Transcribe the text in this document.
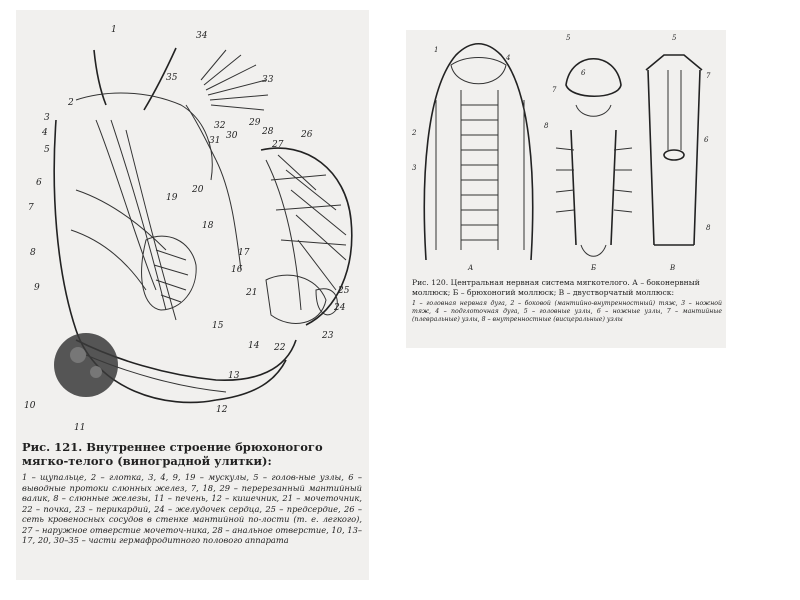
1
2
3
4
5
6
7
8
9
10
11
12
13
14
15
16
17
18
19
20
21
22
23
24
25
26
27
28
29
30
31
32
33
34
35
Рис. 121. Внутреннее строение брюхоногого мягко-телого (виноградной улитки):
1 – щупальце, 2 – глотка, 3, 4, 9, 19 – мускулы, 5 – голов-ные узлы, 6 – выводные протоки слюнных желез, 7, 18, 29 – перерезанный мантийный валик, 8 – слюнные железы, 11 – печень, 12 – кишечник, 21 – мочеточник, 22 – почка, 23 – перикардий, 24 – желудочек сердца, 25 – предсердие, 26 – сеть кровеносных сосудов в стенке мантийной по-лости (т. е. легкого), 27 – наружное отверстие мочеточ-ника, 28 – анальное отверстие, 10, 13–17, 20, 30–35 – части гермафродитного полового аппарата
1
4
2
3
А
5
6
7
8
Б
5
7
6
8
В
Рис. 120. Центральная нервная система мягкотелого. А – боконервный моллюск; Б – брюхоногий моллюск; В – двустворчатый моллюск:
1 – головная нервная дуга, 2 – боковой (мантийно-внутренностный) тяж, 3 – ножной тяж, 4 – подглоточная дуга, 5 – головные узлы, 6 – ножные узлы, 7 – мантийные (плевральные) узлы, 8 – внутренностные (висцеральные) узлы
